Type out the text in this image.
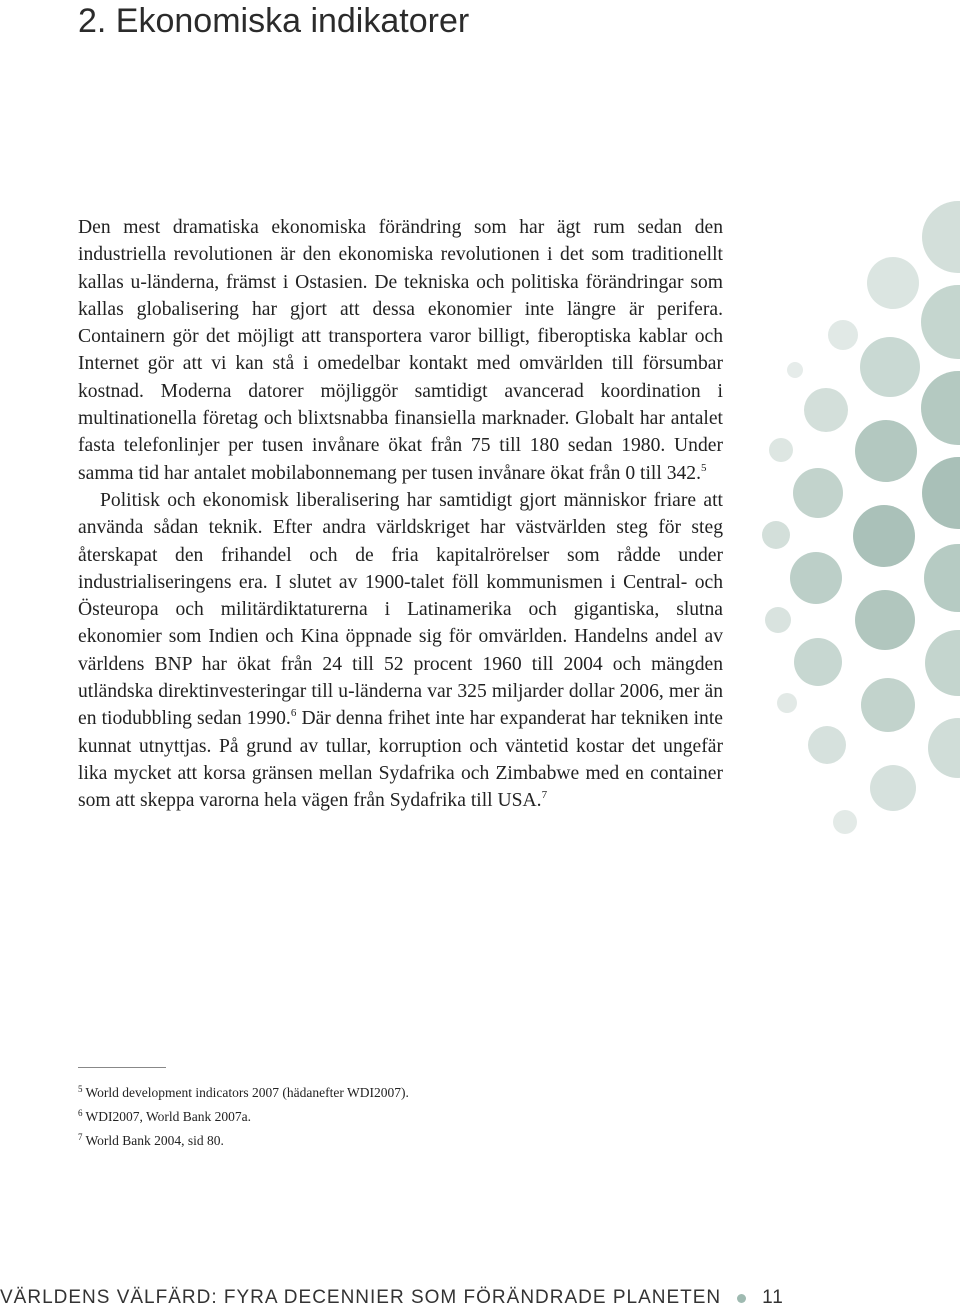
2. Ekonomiska indikatorer

Den mest dramatiska ekonomiska förändring som har ägt rum sedan den industriella revolutionen är den ekonomiska revolutionen i det som traditionellt kallas u-länderna, främst i Ostasien. De tekniska och politiska förändringar som kallas globalisering har gjort att dessa ekonomier inte längre är perifera. Containern gör det möjligt att transportera varor billigt, fiberoptiska kablar och Internet gör att vi kan stå i omedelbar kontakt med omvärlden till försumbar kostnad. Moderna datorer möjliggör samtidigt avancerad koordination i multinationella företag och blixtsnabba finansiella marknader. Globalt har antalet fasta telefonlinjer per tusen invånare ökat från 75 till 180 sedan 1980. Under samma tid har antalet mobilabonnemang per tusen invånare ökat från 0 till 342.$^5$

Politisk och ekonomisk liberalisering har samtidigt gjort människor friare att använda sådan teknik. Efter andra världskriget har västvärlden steg för steg återskapat den frihandel och de fria kapitalrörelser som rådde under industrialiseringens era. I slutet av 1900-talet föll kommunismen i Central- och Östeuropa och militärdiktaturerna i Latinamerika och gigantiska, slutna ekonomier som Indien och Kina öppnade sig för omvärlden. Handelns andel av världens BNP har ökat från 24 till 52 procent 1960 till 2004 och mängden utländska direktinvesteringar till u-länderna var 325 miljarder dollar 2006, mer än en tiodubbling sedan 1990.$^6$ Där denna frihet inte har expanderat har tekniken inte kunnat utnyttjas. På grund av tullar, korruption och väntetid kostar det ungefär lika mycket att korsa gränsen mellan Sydafrika och Zimbabwe med en container som att skeppa varorna hela vägen från Sydafrika till USA.$^7$

$^5$ World development indicators 2007 (hädanefter WDI2007).

$^6$ WDI2007, World Bank 2007a.

$^7$ World Bank 2004, sid 80.

VÄRLDENS VÄLFÄRD: FYRA DECENNIER SOM FÖRÄNDRADE PLANETEN 11
